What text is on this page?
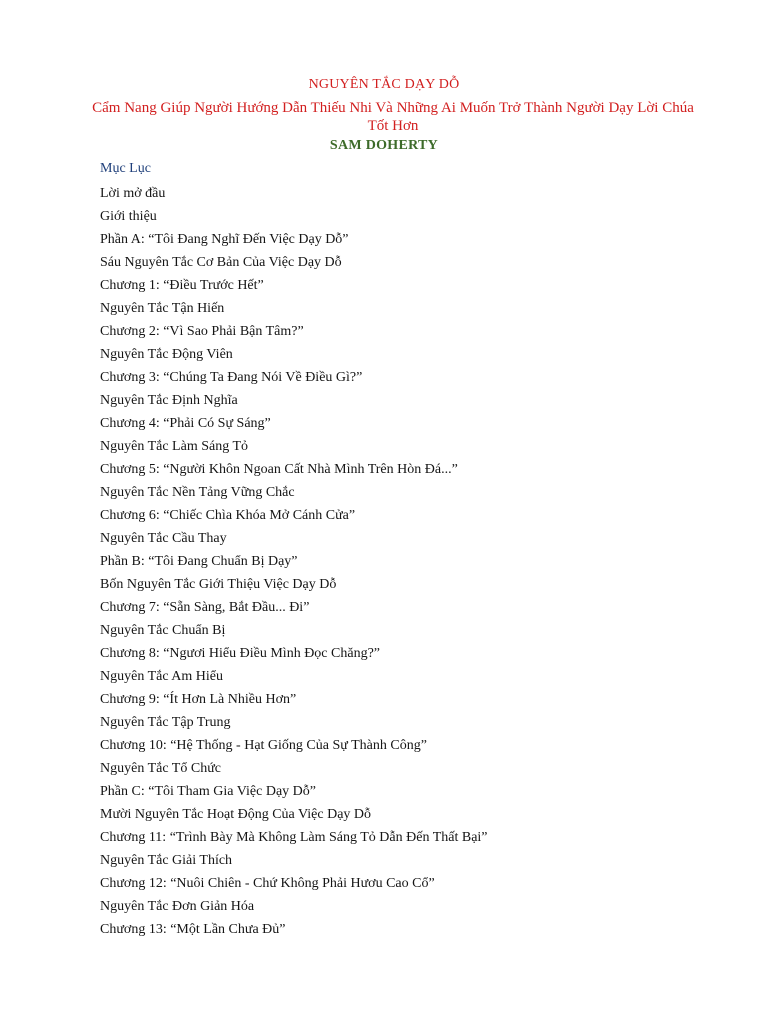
NGUYÊN TẮC DẠY DỖ
Cẩm Nang Giúp Người Hướng Dẫn Thiếu Nhi Và Những Ai Muốn Trở Thành Người Dạy Lời Chúa Tốt Hơn
SAM DOHERTY
Mục Lục
Lời mở đầu
Giới thiệu
Phần A: “Tôi Đang Nghĩ Đến Việc Dạy Dỗ”
Sáu Nguyên Tắc Cơ Bản Của Việc Dạy Dỗ
Chương 1: “Điều Trước Hết”
Nguyên Tắc Tận Hiến
Chương 2: “Vì Sao Phải Bận Tâm?”
Nguyên Tắc Động Viên
Chương 3: “Chúng Ta Đang Nói Về Điều Gì?”
Nguyên Tắc Định Nghĩa
Chương 4: “Phải Có Sự Sáng”
Nguyên Tắc Làm Sáng Tỏ
Chương 5: “Người Khôn Ngoan Cất Nhà Mình Trên Hòn Đá...”
Nguyên Tắc Nền Tảng Vững Chắc
Chương 6: “Chiếc Chìa Khóa Mở Cánh Cửa”
Nguyên Tắc Cầu Thay
Phần B: “Tôi Đang Chuẩn Bị Dạy”
Bốn Nguyên Tắc Giới Thiệu Việc Dạy Dỗ
Chương 7: “Sẵn Sàng, Bắt Đầu... Đi”
Nguyên Tắc Chuẩn Bị
Chương 8: “Ngươi Hiểu Điều Mình Đọc Chăng?”
Nguyên Tắc Am Hiểu
Chương 9: “Ít Hơn Là Nhiều Hơn”
Nguyên Tắc Tập Trung
Chương 10: “Hệ Thống - Hạt Giống Của Sự Thành Công”
Nguyên Tắc Tổ Chức
Phần C: “Tôi Tham Gia Việc Dạy Dỗ”
Mười Nguyên Tắc Hoạt Động Của Việc Dạy Dỗ
Chương 11: “Trình Bày Mà Không Làm Sáng Tỏ Dẫn Đến Thất Bại”
Nguyên Tắc Giải Thích
Chương 12: “Nuôi Chiên - Chứ Không Phải Hươu Cao Cổ”
Nguyên Tắc Đơn Giản Hóa
Chương 13: “Một Lần Chưa Đủ”
